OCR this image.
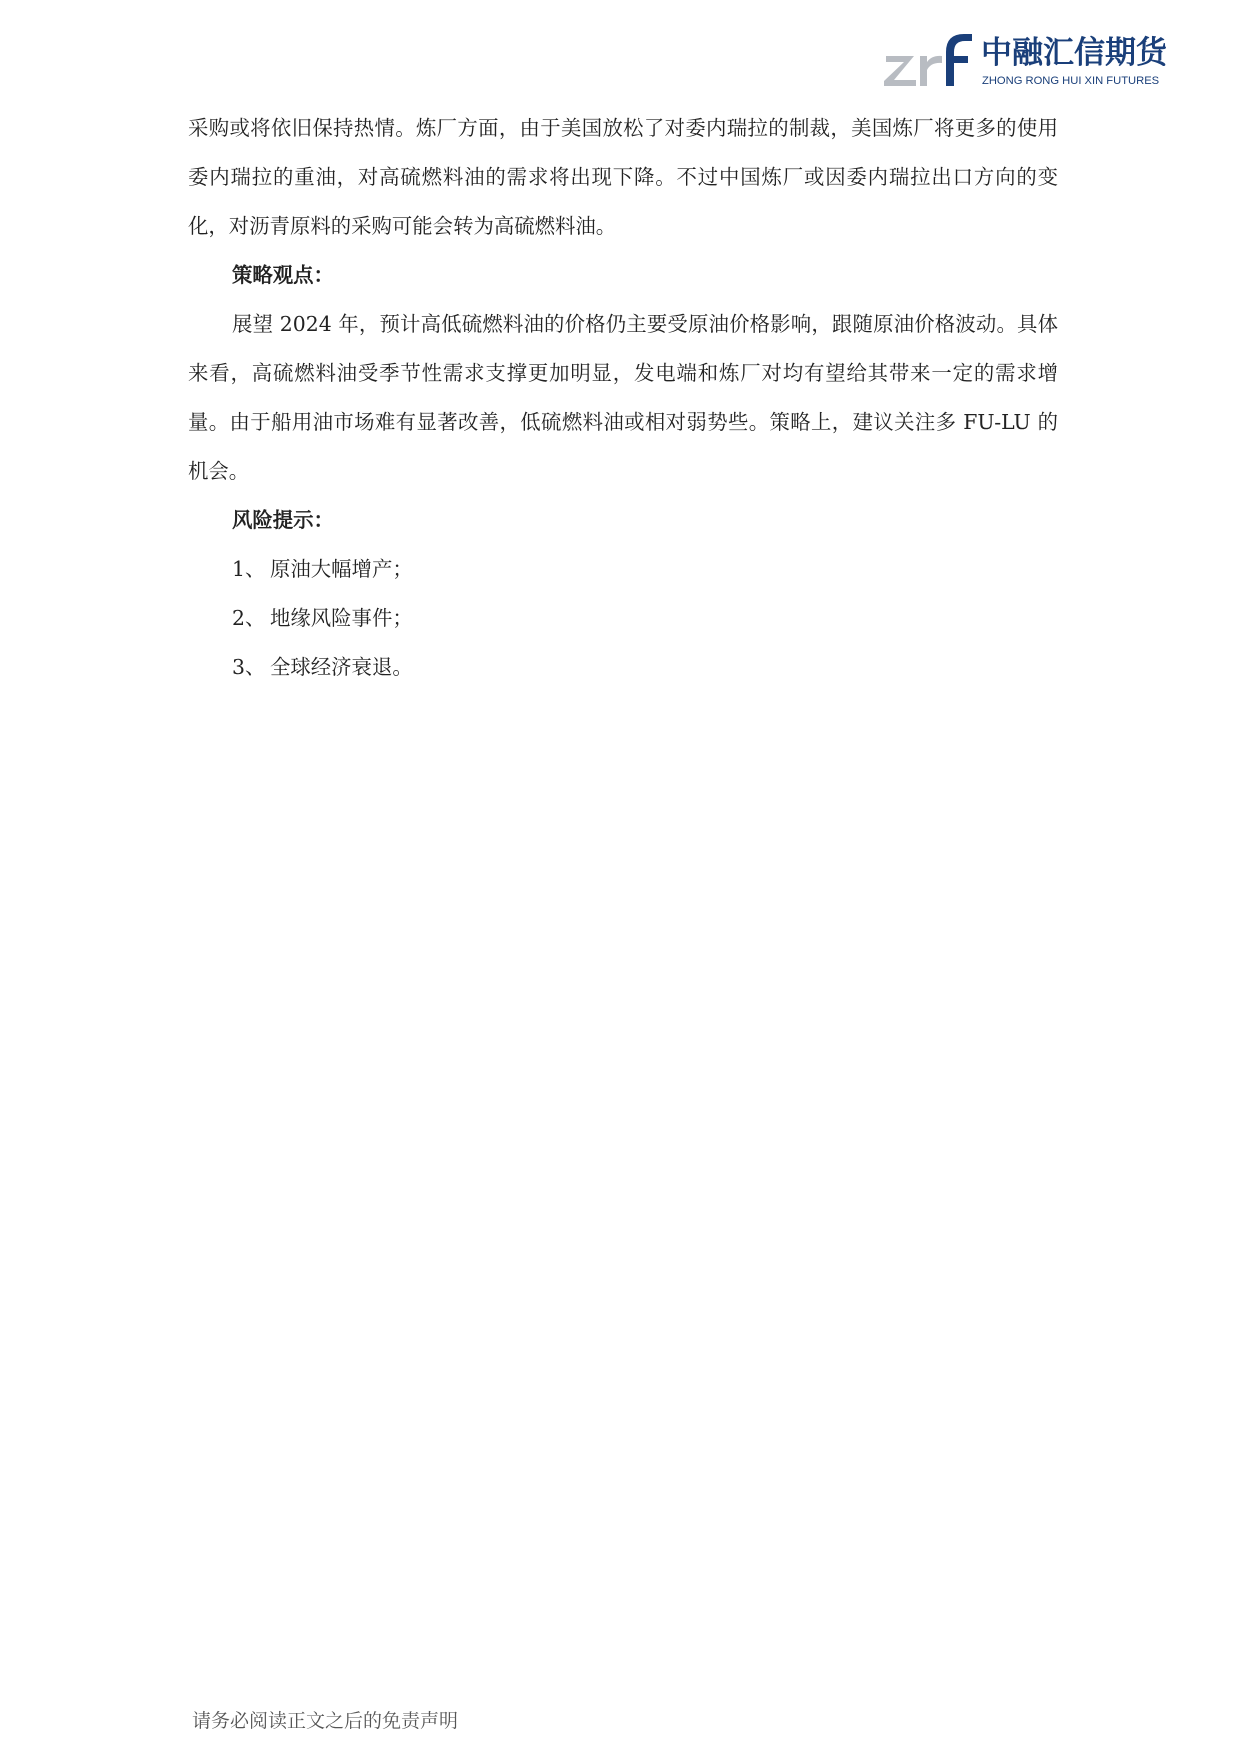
中融汇信期货
ZHONG RONG HUI XIN FUTURES

采购或将依旧保持热情。炼厂方面，由于美国放松了对委内瑞拉的制裁，美国炼厂将更多的使用委内瑞拉的重油，对高硫燃料油的需求将出现下降。不过中国炼厂或因委内瑞拉出口方向的变化，对沥青原料的采购可能会转为高硫燃料油。

策略观点：

展望 2024 年，预计高低硫燃料油的价格仍主要受原油价格影响，跟随原油价格波动。具体来看，高硫燃料油受季节性需求支撑更加明显，发电端和炼厂对均有望给其带来一定的需求增量。由于船用油市场难有显著改善，低硫燃料油或相对弱势些。策略上，建议关注多 FU-LU 的机会。

风险提示：

1、 原油大幅增产；

2、 地缘风险事件；

3、 全球经济衰退。

请务必阅读正文之后的免责声明
